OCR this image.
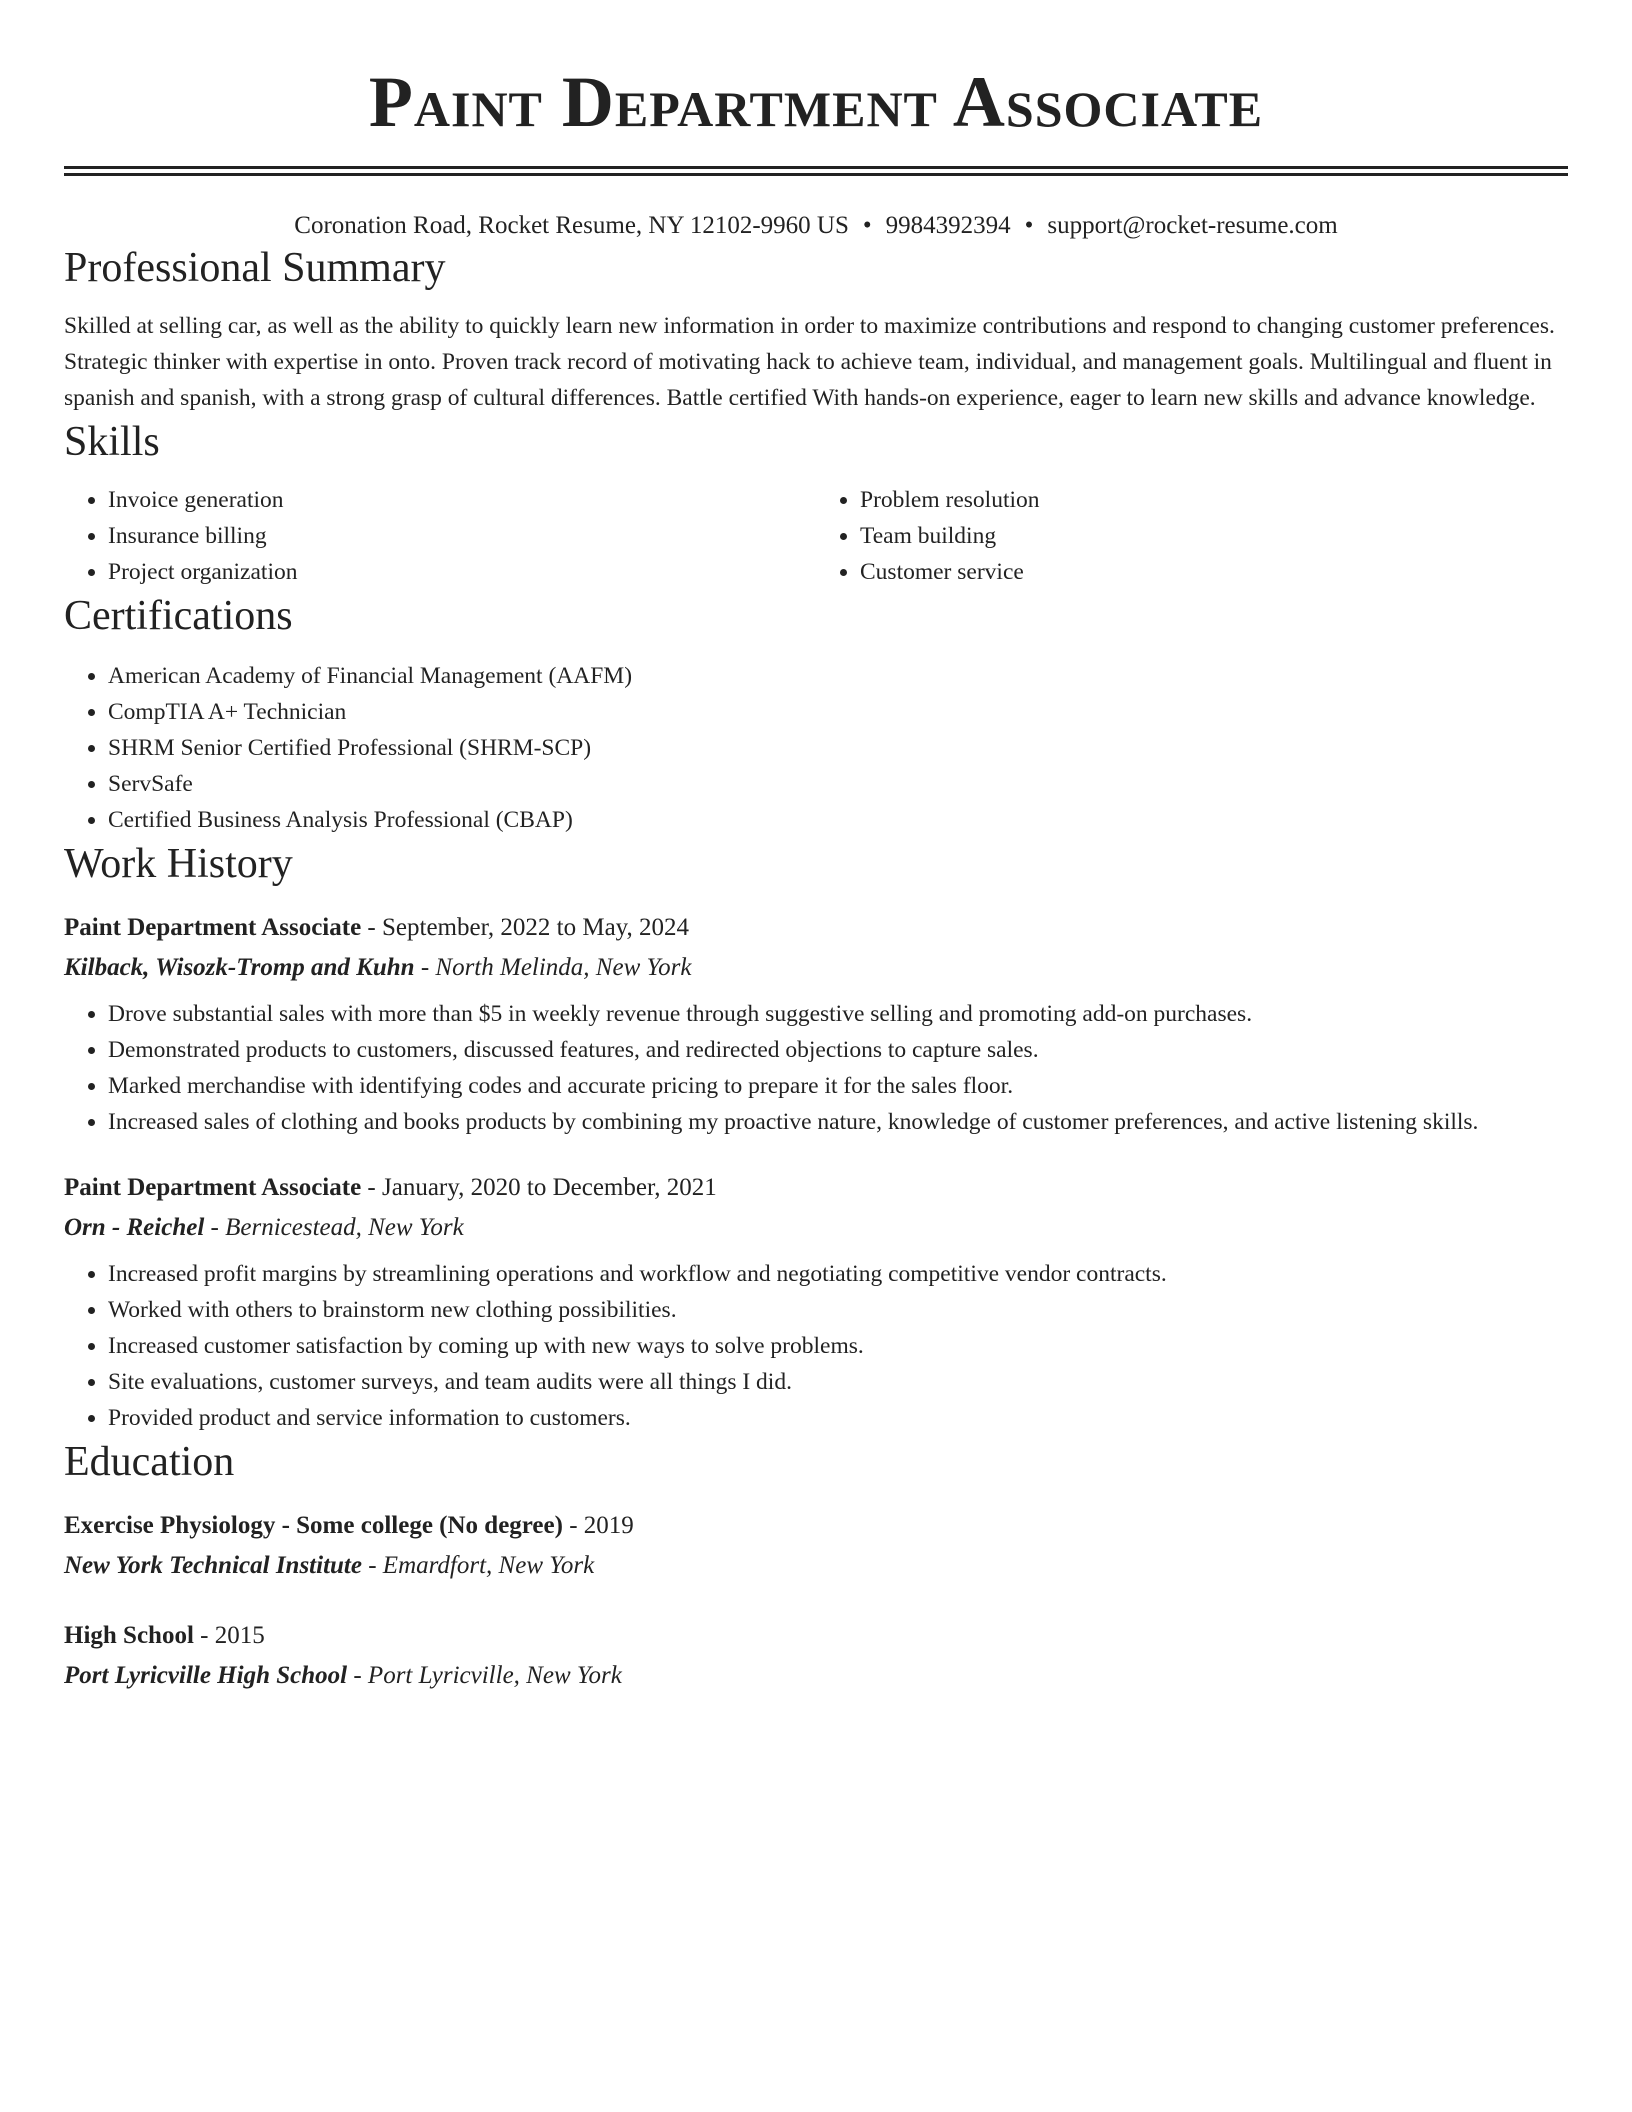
Paint Department Associate
Coronation Road, Rocket Resume, NY 12102-9960 US • 9984392394 • support@rocket-resume.com
Professional Summary
Skilled at selling car, as well as the ability to quickly learn new information in order to maximize contributions and respond to changing customer preferences. Strategic thinker with expertise in onto. Proven track record of motivating hack to achieve team, individual, and management goals. Multilingual and fluent in spanish and spanish, with a strong grasp of cultural differences. Battle certified With hands-on experience, eager to learn new skills and advance knowledge.
Skills
• Invoice generation
• Insurance billing
• Project organization
• Problem resolution
• Team building
• Customer service
Certifications
• American Academy of Financial Management (AAFM)
• CompTIA A+ Technician
• SHRM Senior Certified Professional (SHRM-SCP)
• ServSafe
• Certified Business Analysis Professional (CBAP)
Work History
Paint Department Associate - September, 2022 to May, 2024
Kilback, Wisozk-Tromp and Kuhn - North Melinda, New York
• Drove substantial sales with more than $5 in weekly revenue through suggestive selling and promoting add-on purchases.
• Demonstrated products to customers, discussed features, and redirected objections to capture sales.
• Marked merchandise with identifying codes and accurate pricing to prepare it for the sales floor.
• Increased sales of clothing and books products by combining my proactive nature, knowledge of customer preferences, and active listening skills.
Paint Department Associate - January, 2020 to December, 2021
Orn - Reichel - Bernicestead, New York
• Increased profit margins by streamlining operations and workflow and negotiating competitive vendor contracts.
• Worked with others to brainstorm new clothing possibilities.
• Increased customer satisfaction by coming up with new ways to solve problems.
• Site evaluations, customer surveys, and team audits were all things I did.
• Provided product and service information to customers.
Education
Exercise Physiology - Some college (No degree) - 2019
New York Technical Institute - Emardfort, New York
High School - 2015
Port Lyricville High School - Port Lyricville, New York
